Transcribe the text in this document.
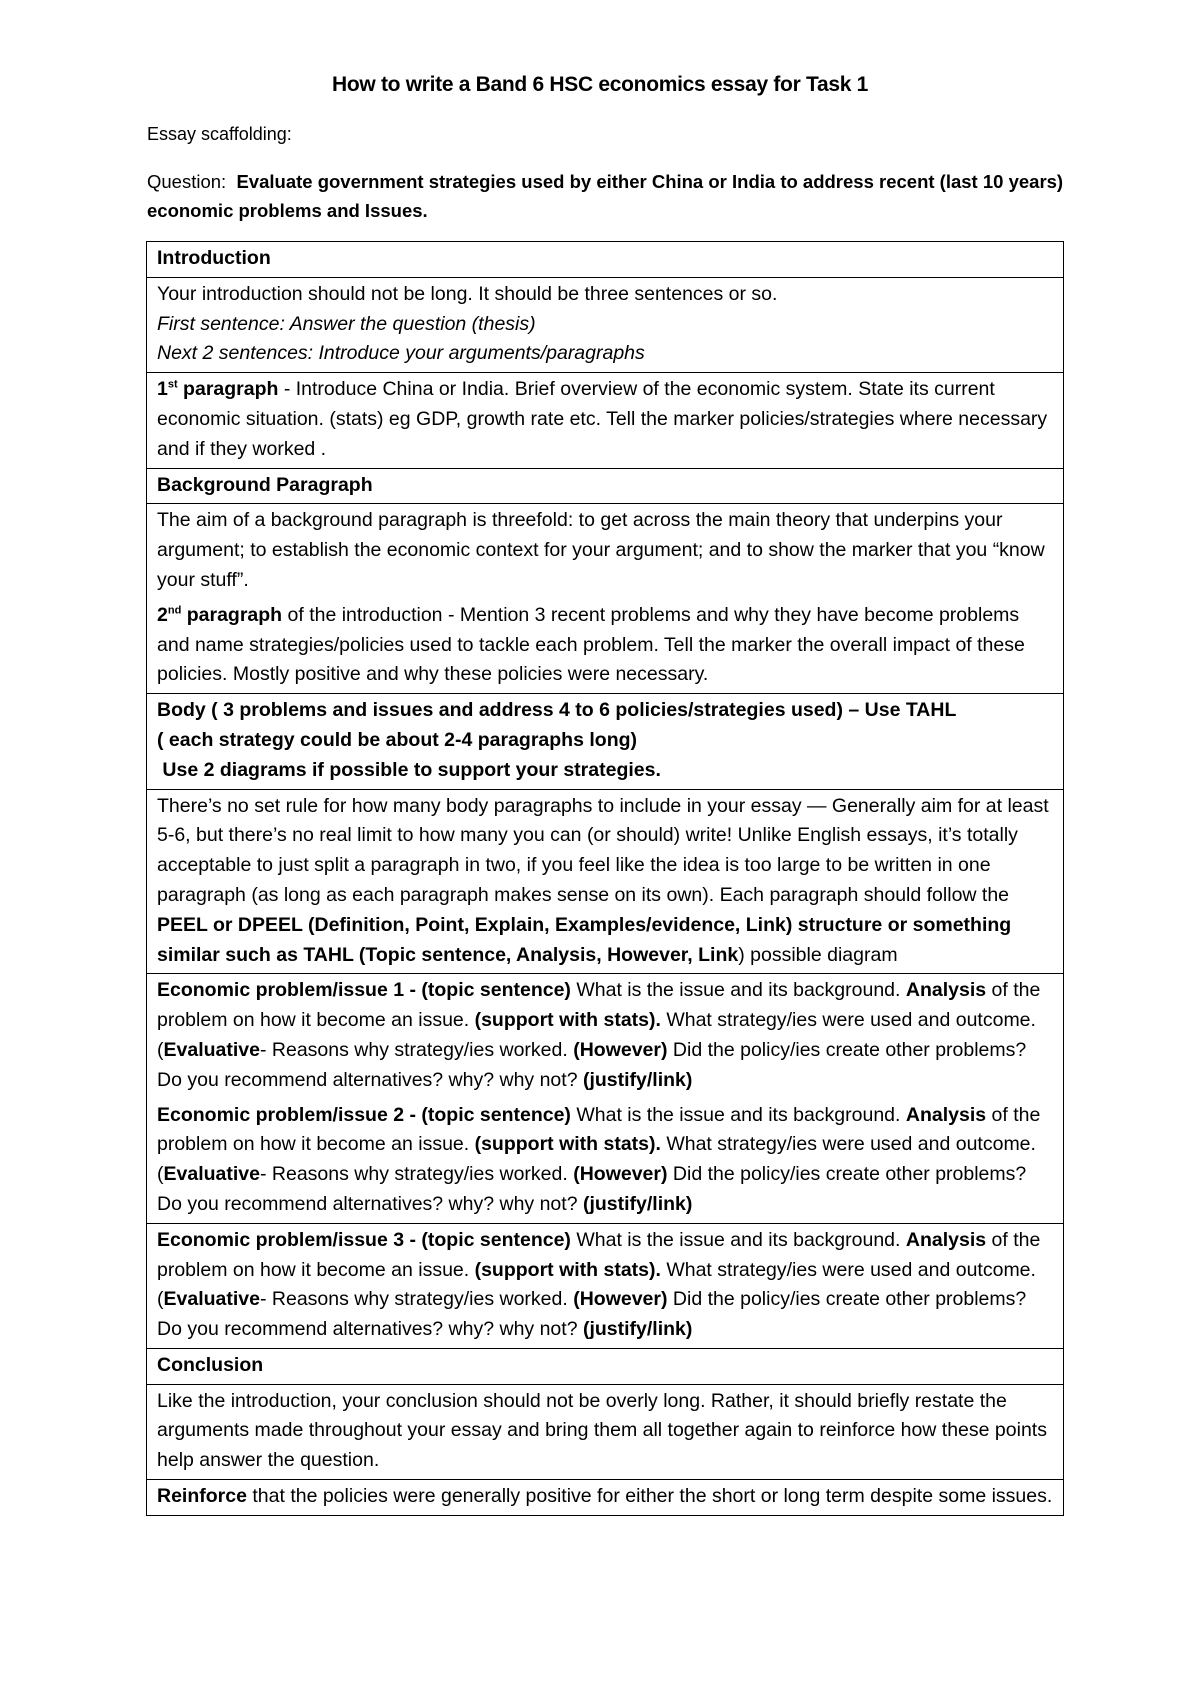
How to write a Band 6 HSC economics essay for Task 1
Essay scaffolding:
Question: Evaluate government strategies used by either China or India to address recent (last 10 years) economic problems and Issues.
Introduction
Your introduction should not be long. It should be three sentences or so.
First sentence: Answer the question (thesis)
Next 2 sentences: Introduce your arguments/paragraphs
1st paragraph - Introduce China or India. Brief overview of the economic system. State its current economic situation. (stats) eg GDP, growth rate etc. Tell the marker policies/strategies where necessary and if they worked .
Background Paragraph
The aim of a background paragraph is threefold: to get across the main theory that underpins your argument; to establish the economic context for your argument; and to show the marker that you “know your stuff”.
2nd paragraph of the introduction - Mention 3 recent problems and why they have become problems and name strategies/policies used to tackle each problem. Tell the marker the overall impact of these policies. Mostly positive and why these policies were necessary.
Body ( 3 problems and issues and address 4 to 6 policies/strategies used) – Use TAHL
( each strategy could be about 2-4 paragraphs long)
Use 2 diagrams if possible to support your strategies.
There’s no set rule for how many body paragraphs to include in your essay — Generally aim for at least 5-6, but there’s no real limit to how many you can (or should) write! Unlike English essays, it’s totally acceptable to just split a paragraph in two, if you feel like the idea is too large to be written in one paragraph (as long as each paragraph makes sense on its own). Each paragraph should follow the PEEL or DPEEL (Definition, Point, Explain, Examples/evidence, Link) structure or something similar such as TAHL (Topic sentence, Analysis, However, Link) possible diagram
Economic problem/issue 1 - (topic sentence) What is the issue and its background. Analysis of the problem on how it become an issue. (support with stats). What strategy/ies were used and outcome. (Evaluative- Reasons why strategy/ies worked. (However) Did the policy/ies create other problems? Do you recommend alternatives? why? why not? (justify/link)
Economic problem/issue 2 - (topic sentence) What is the issue and its background. Analysis of the problem on how it become an issue. (support with stats). What strategy/ies were used and outcome. (Evaluative- Reasons why strategy/ies worked. (However) Did the policy/ies create other problems? Do you recommend alternatives? why? why not? (justify/link)
Economic problem/issue 3 - (topic sentence) What is the issue and its background. Analysis of the problem on how it become an issue. (support with stats). What strategy/ies were used and outcome. (Evaluative- Reasons why strategy/ies worked. (However) Did the policy/ies create other problems? Do you recommend alternatives? why? why not? (justify/link)
Conclusion
Like the introduction, your conclusion should not be overly long. Rather, it should briefly restate the arguments made throughout your essay and bring them all together again to reinforce how these points help answer the question.
Reinforce that the policies were generally positive for either the short or long term despite some issues.
